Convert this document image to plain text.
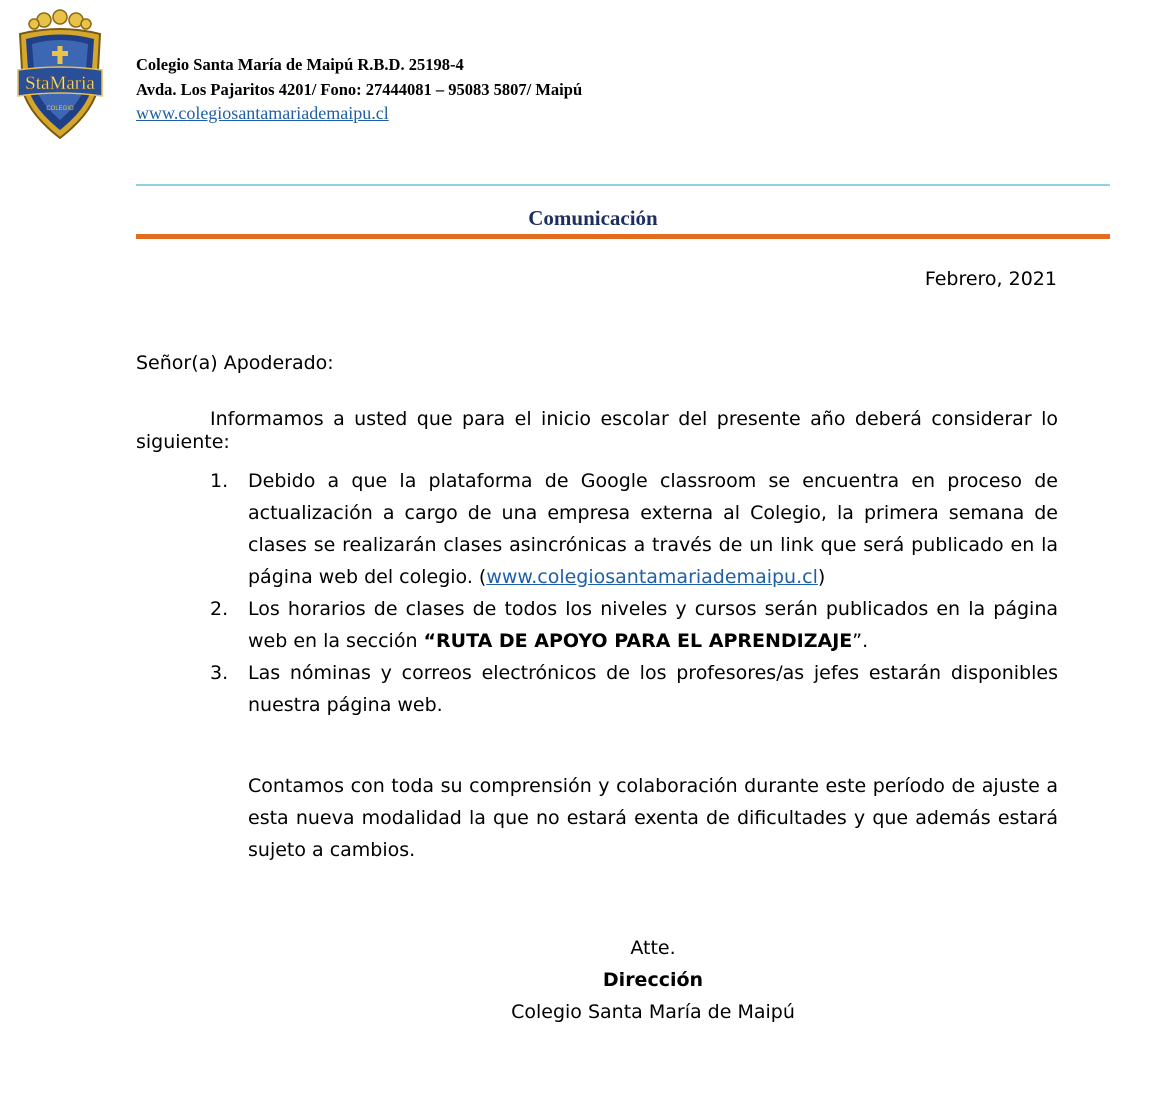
StaMaria
COLEGIO
Colegio Santa María de Maipú R.B.D. 25198-4
Avda. Los Pajaritos 4201/ Fono: 27444081 – 95083 5807/ Maipú
www.colegiosantamariademaipu.cl
Comunicación
Febrero, 2021
Señor(a) Apoderado:
Informamos a usted que para el inicio escolar del presente año deberá considerar lo siguiente:
1. Debido a que la plataforma de Google classroom se encuentra en proceso de actualización a cargo de una empresa externa al Colegio, la primera semana de clases se realizarán clases asincrónicas a través de un link que será publicado en la página web del colegio. (www.colegiosantamariademaipu.cl)
2. Los horarios de clases de todos los niveles y cursos serán publicados en la página web en la sección “RUTA DE APOYO PARA EL APRENDIZAJE”.
3. Las nóminas y correos electrónicos de los profesores/as jefes estarán disponibles nuestra página web.
Contamos con toda su comprensión y colaboración durante este período de ajuste a esta nueva modalidad la que no estará exenta de dificultades y que además estará sujeto a cambios.
Atte.
Dirección
Colegio Santa María de Maipú
